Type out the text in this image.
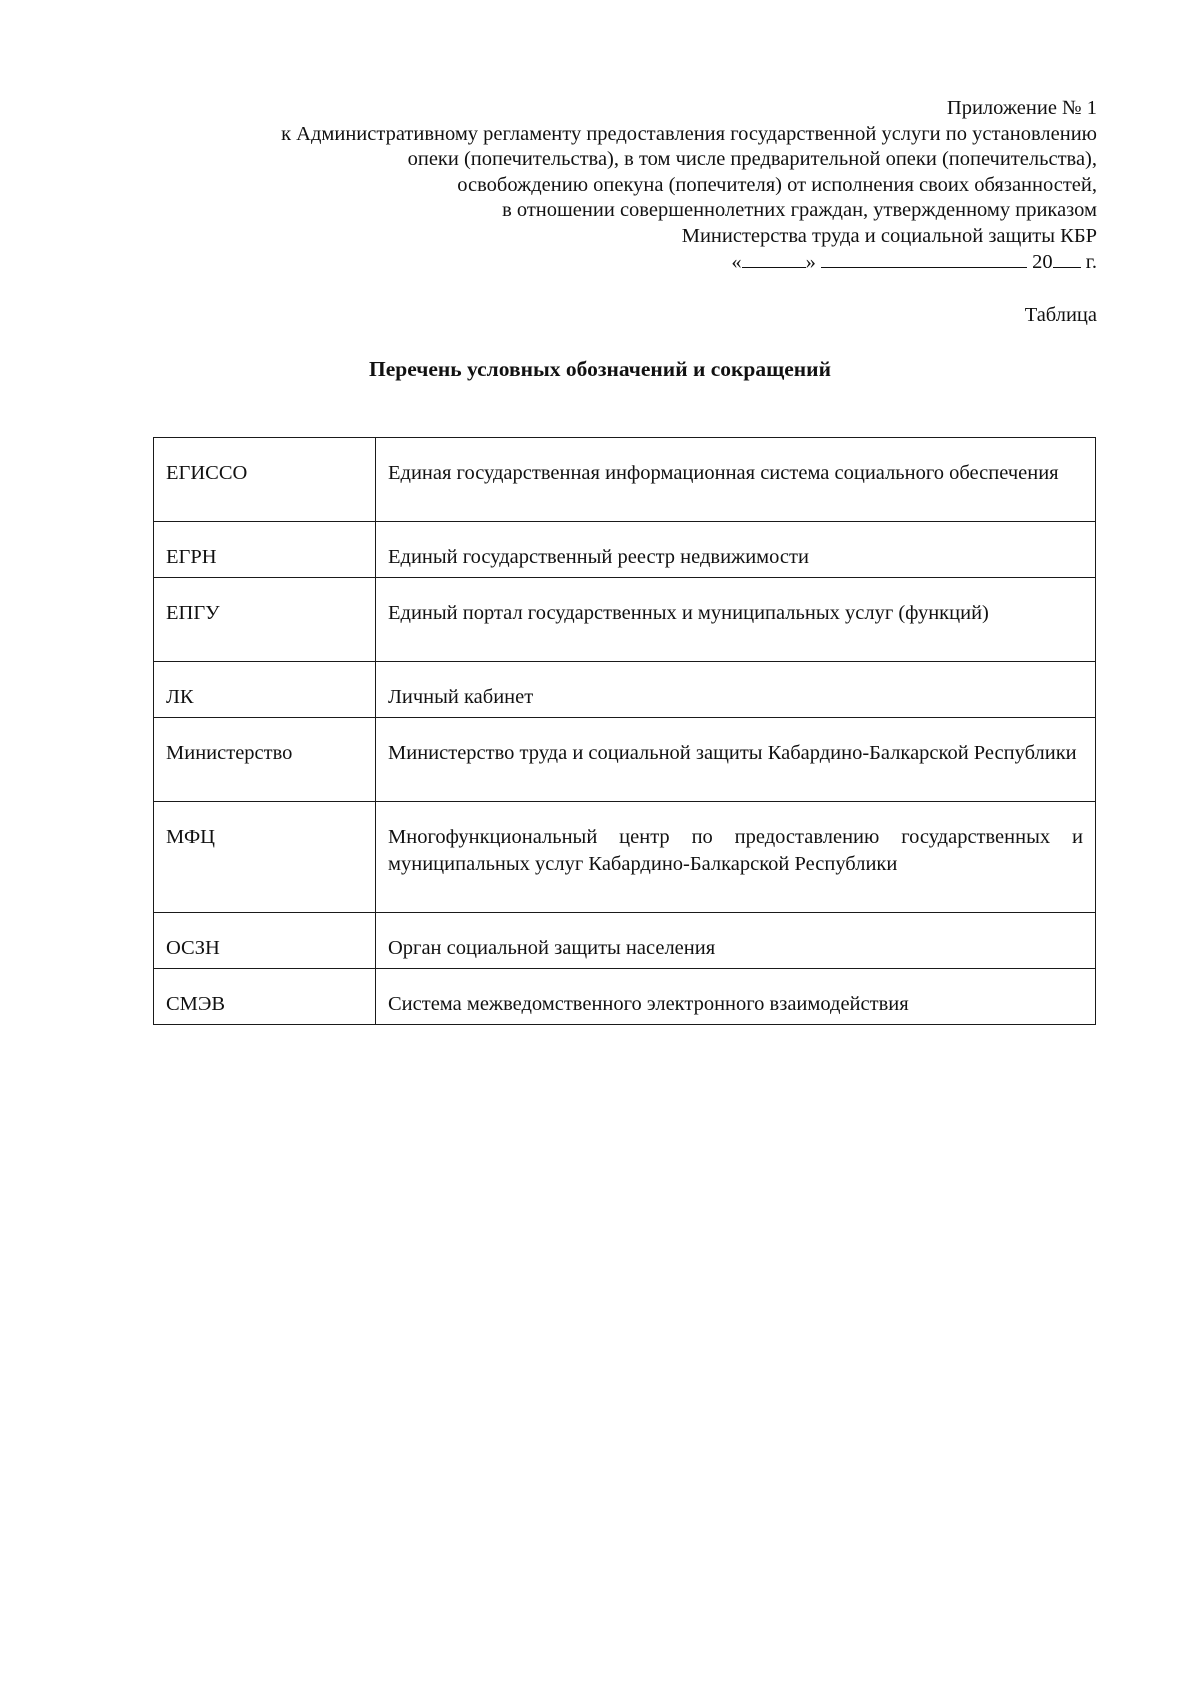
Приложение № 1
к Административному регламенту предоставления государственной услуги по установлению
опеки (попечительства), в том числе предварительной опеки (попечительства),
освобождению опекуна (попечителя) от исполнения своих обязанностей,
в отношении совершеннолетних граждан, утвержденному приказом
Министерства труда и социальной защиты КБР
«	»	20 г.
Таблица
Перечень условных обозначений и сокращений
ЕГИССО	Единая государственная информационная система социального обеспечения
ЕГРН	Единый государственный реестр недвижимости
ЕПГУ	Единый портал государственных и муниципальных услуг (функций)
ЛК	Личный кабинет
Министерство	Министерство труда и социальной защиты Кабардино-Балкарской Республики
МФЦ	Многофункциональный центр по предоставлению государственных и муниципальных услуг Кабардино-Балкарской Республики
ОСЗН	Орган социальной защиты населения
СМЭВ	Система межведомственного электронного взаимодействия
